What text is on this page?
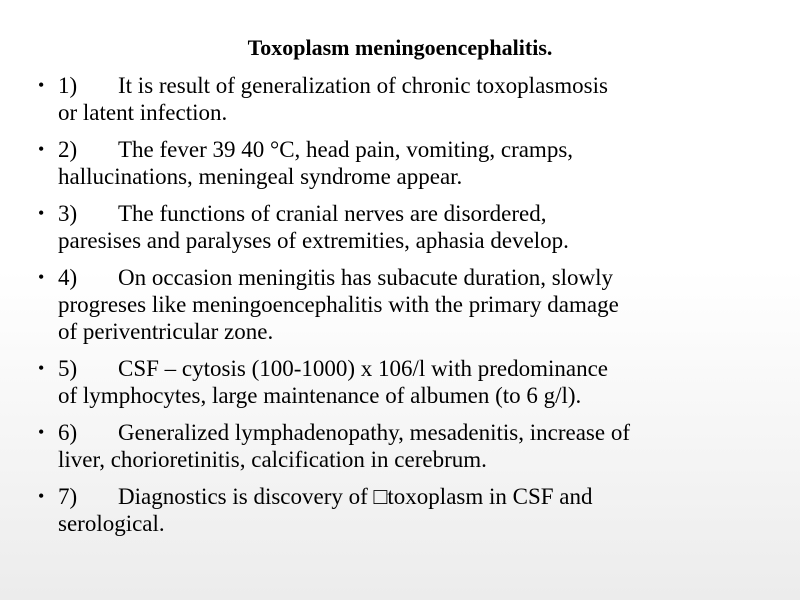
Toxoplasm meningoencephalitis.
• 1) It is result of generalization of chronic toxoplasmosis
or latent infection.
• 2) The fever 39 40 °C, head pain, vomiting, cramps,
hallucinations, meningeal syndrome appear.
• 3) The functions of cranial nerves are disordered,
paresises and paralyses of extremities, aphasia develop.
• 4) On occasion meningitis has subacute duration, slowly
progreses like meningoencephalitis with the primary damage
of periventricular zone.
• 5) CSF – cytosis (100-1000) x 106/l with predominance
of lymphocytes, large maintenance of albumen (to 6 g/l).
• 6) Generalized lymphadenopathy, mesadenitis, increase of
liver, chorioretinitis, calcification in cerebrum.
• 7) Diagnostics is discovery of □toxoplasm in CSF and
serological.
